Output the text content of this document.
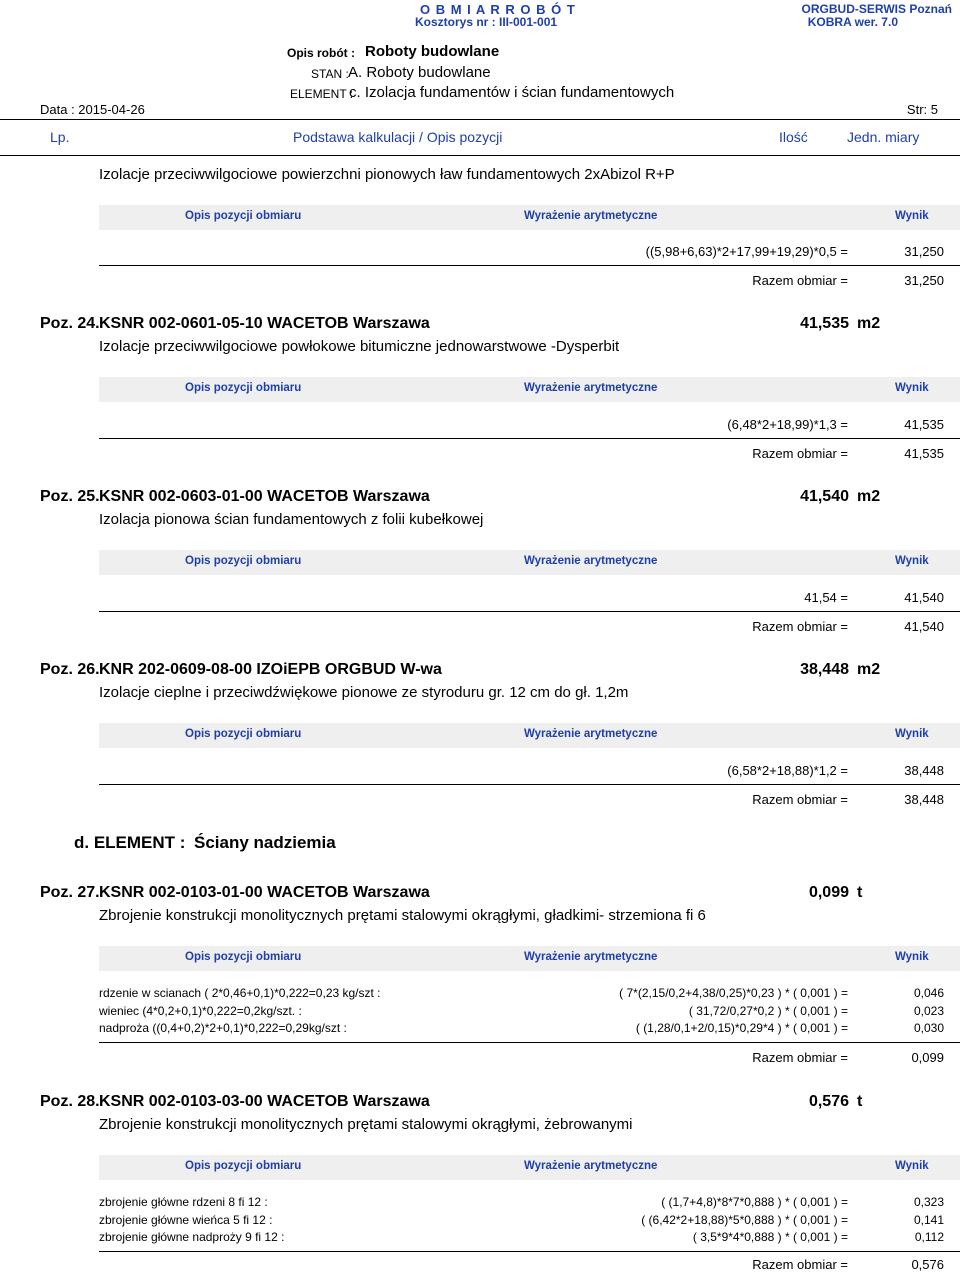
O B M I A R R O B Ó T
Kosztorys nr : III-001-001
ORGBUD-SERWIS Poznań
KOBRA wer. 7.0
Opis robót : Roboty budowlane
STAN : A. Roboty budowlane
ELEMENT :
c. Izolacja fundamentów i ścian fundamentowych
Data : 2015-04-26	Str: 5
Lp.	Podstawa kalkulacji / Opis pozycji	Ilość	Jedn. miary
Izolacje przeciwwilgociowe powierzchni pionowych ław fundamentowych 2xAbizol R+P
Opis pozycji obmiaru	Wyrażenie arytmetyczne	Wynik
((5,98+6,63)*2+17,99+19,29)*0,5 =	31,250
Razem obmiar =	31,250
Poz. 24. KSNR 002-0601-05-10 WACETOB Warszawa	41,535 m2
Izolacje przeciwwilgociowe powłokowe bitumiczne jednowarstwowe -Dysperbit
Opis pozycji obmiaru	Wyrażenie arytmetyczne	Wynik
(6,48*2+18,99)*1,3 =	41,535
Razem obmiar =	41,535
Poz. 25. KSNR 002-0603-01-00 WACETOB Warszawa	41,540 m2
Izolacja pionowa ścian fundamentowych z folii kubełkowej
Opis pozycji obmiaru	Wyrażenie arytmetyczne	Wynik
41,54 =	41,540
Razem obmiar =	41,540
Poz. 26. KNR 202-0609-08-00 IZOiEPB ORGBUD W-wa	38,448 m2
Izolacje cieplne i przeciwdźwiękowe pionowe ze styroduru gr. 12 cm do gł. 1,2m
Opis pozycji obmiaru	Wyrażenie arytmetyczne	Wynik
(6,58*2+18,88)*1,2 =	38,448
Razem obmiar =	38,448
d. ELEMENT : Ściany nadziemia
Poz. 27. KSNR 002-0103-01-00 WACETOB Warszawa	0,099 t
Zbrojenie konstrukcji monolitycznych prętami stalowymi okrągłymi, gładkimi- strzemiona fi 6
Opis pozycji obmiaru	Wyrażenie arytmetyczne	Wynik
rdzenie w scianach ( 2*0,46+0,1)*0,222=0,23 kg/szt :	( 7*(2,15/0,2+4,38/0,25)*0,23 ) * ( 0,001 ) =	0,046
wieniec (4*0,2+0,1)*0,222=0,2kg/szt. :	( 31,72/0,27*0,2 ) * ( 0,001 ) =	0,023
nadproża ((0,4+0,2)*2+0,1)*0,222=0,29kg/szt :	( (1,28/0,1+2/0,15)*0,29*4 ) * ( 0,001 ) =	0,030
Razem obmiar =	0,099
Poz. 28. KSNR 002-0103-03-00 WACETOB Warszawa	0,576 t
Zbrojenie konstrukcji monolitycznych prętami stalowymi okrągłymi, żebrowanymi
Opis pozycji obmiaru	Wyrażenie arytmetyczne	Wynik
zbrojenie główne rdzeni 8 fi 12 :	( (1,7+4,8)*8*7*0,888 ) * ( 0,001 ) =	0,323
zbrojenie główne wieńca 5 fi 12 :	( (6,42*2+18,88)*5*0,888 ) * ( 0,001 ) =	0,141
zbrojenie główne nadproży 9 fi 12 :	( 3,5*9*4*0,888 ) * ( 0,001 ) =	0,112
Razem obmiar =	0,576
